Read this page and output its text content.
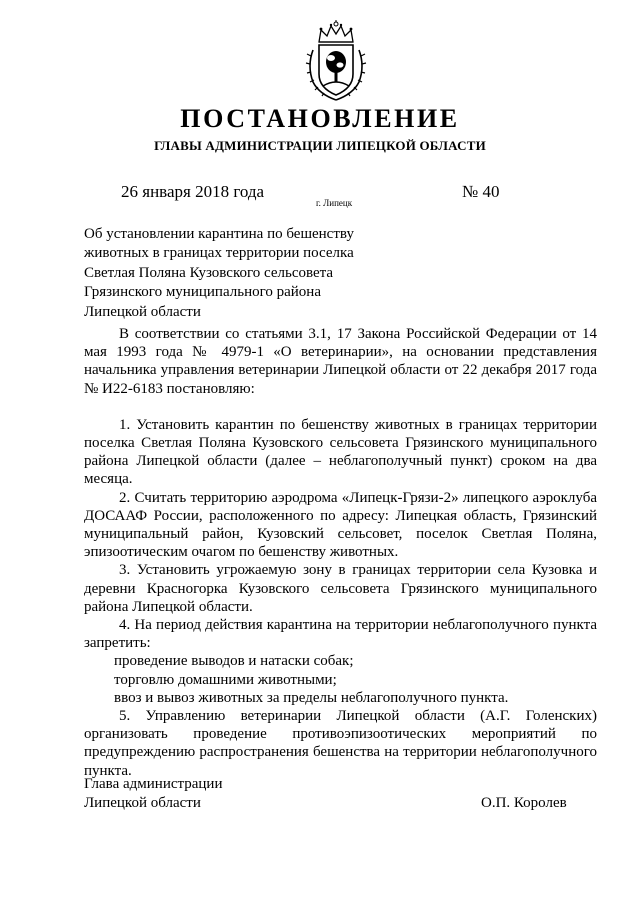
ПОСТАНОВЛЕНИЕ
ГЛАВЫ АДМИНИСТРАЦИИ ЛИПЕЦКОЙ ОБЛАСТИ
26 января 2018 года
г. Липецк
№ 40
Об установлении карантина по бешенству
животных в границах территории поселка
Светлая Поляна Кузовского сельсовета
Грязинского муниципального района
Липецкой области

В соответствии со статьями 3.1, 17 Закона Российской Федерации от 14 мая 1993 года № 4979-1 «О ветеринарии», на основании представления начальника управления ветеринарии Липецкой области от 22 декабря 2017 года № И22-6183 постановляю:

1. Установить карантин по бешенству животных в границах территории поселка Светлая Поляна Кузовского сельсовета Грязинского муниципального района Липецкой области (далее – неблагополучный пункт) сроком на два месяца.

2. Считать территорию аэродрома «Липецк-Грязи-2» липецкого аэроклуба ДОСААФ России, расположенного по адресу: Липецкая область, Грязинский муниципальный район, Кузовский сельсовет, поселок Светлая Поляна, эпизоотическим очагом по бешенству животных.

3. Установить угрожаемую зону в границах территории села Кузовка и деревни Красногорка Кузовского сельсовета Грязинского муниципального района Липецкой области.

4. На период действия карантина на территории неблагополучного пункта запретить:

проведение выводов и натаски собак;

торговлю домашними животными;

ввоз и вывоз животных за пределы неблагополучного пункта.

5. Управлению ветеринарии Липецкой области (А.Г. Голенских) организовать проведение противоэпизоотических мероприятий по предупреждению распространения бешенства на территории неблагополучного пункта.

Глава администрации
Липецкой области	О.П. Королев
